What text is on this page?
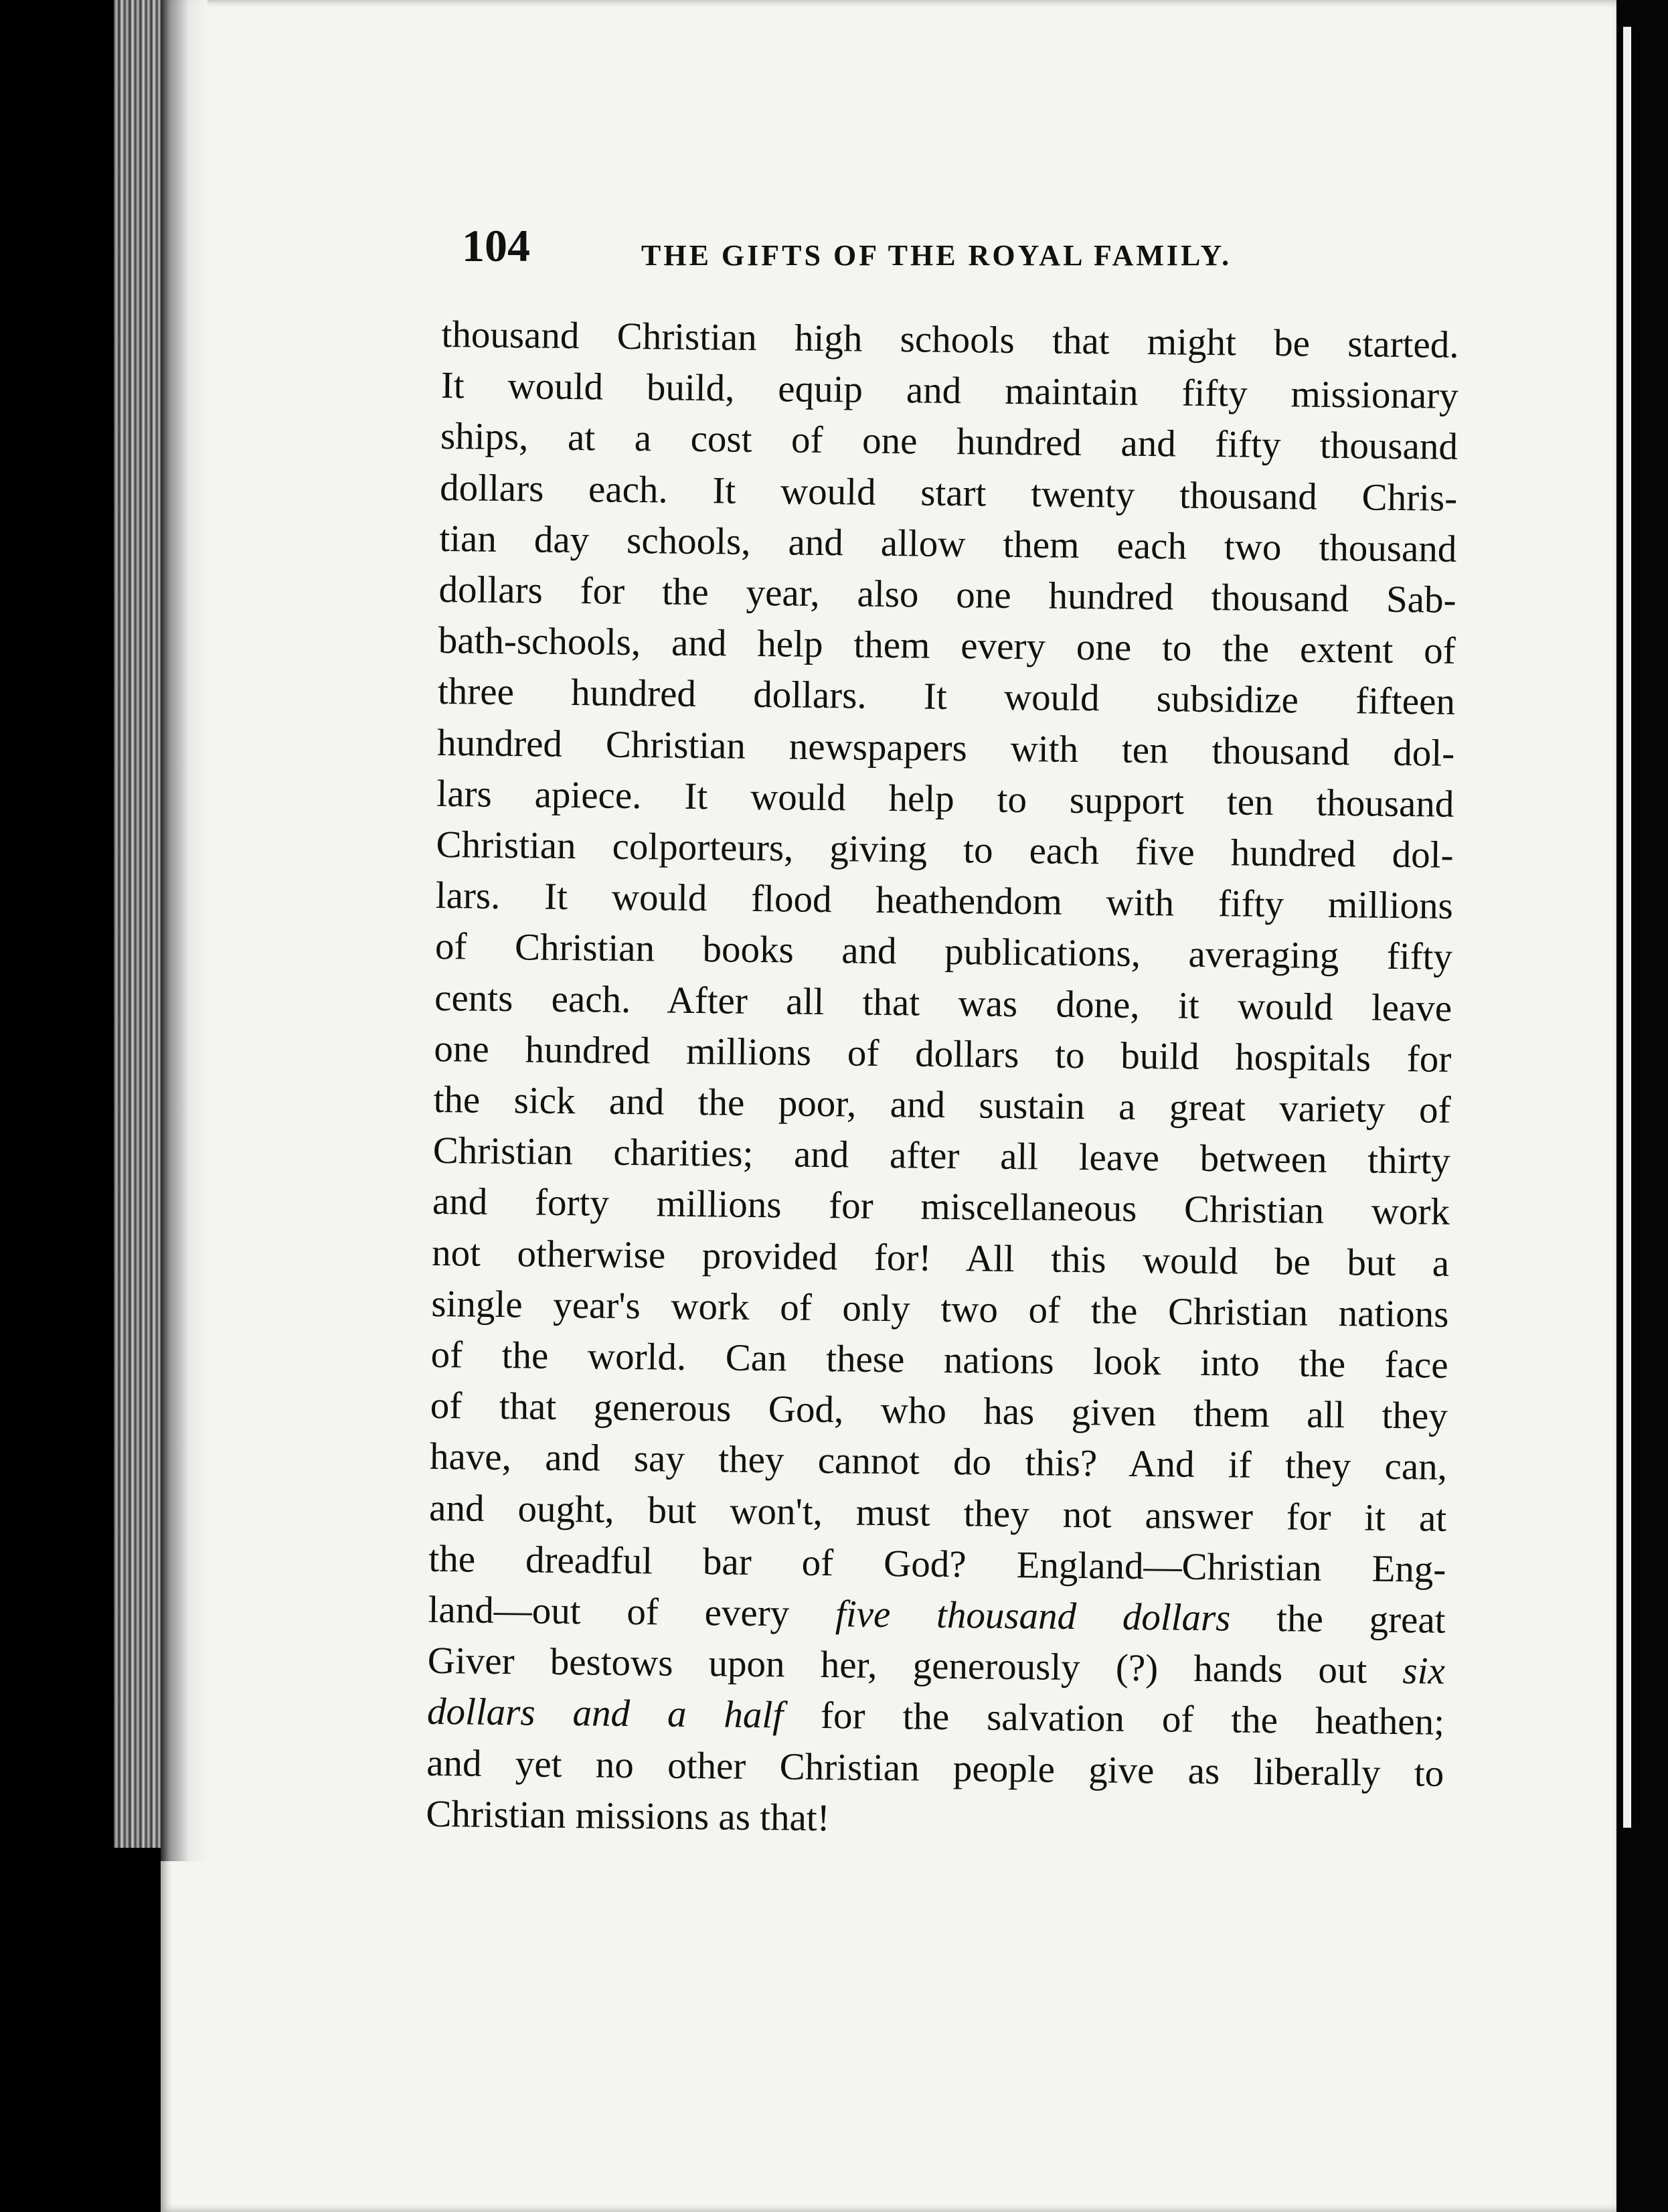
104	THE GIFTS OF THE ROYAL FAMILY.
thousand Christian high schools that might be started.
It would build, equip and maintain fifty missionary
ships, at a cost of one hundred and fifty thousand
dollars each. It would start twenty thousand Chris-
tian day schools, and allow them each two thousand
dollars for the year, also one hundred thousand Sab-
bath-schools, and help them every one to the extent of
three hundred dollars. It would subsidize fifteen
hundred Christian newspapers with ten thousand dol-
lars apiece. It would help to support ten thousand
Christian colporteurs, giving to each five hundred dol-
lars. It would flood heathendom with fifty millions
of Christian books and publications, averaging fifty
cents each. After all that was done, it would leave
one hundred millions of dollars to build hospitals for
the sick and the poor, and sustain a great variety of
Christian charities; and after all leave between thirty
and forty millions for miscellaneous Christian work
not otherwise provided for! All this would be but a
single year's work of only two of the Christian nations
of the world. Can these nations look into the face
of that generous God, who has given them all they
have, and say they cannot do this? And if they can,
and ought, but won't, must they not answer for it at
the dreadful bar of God? England—Christian Eng-
land—out of every five thousand dollars the great
Giver bestows upon her, generously (?) hands out six
dollars and a half for the salvation of the heathen;
and yet no other Christian people give as liberally to
Christian missions as that!
